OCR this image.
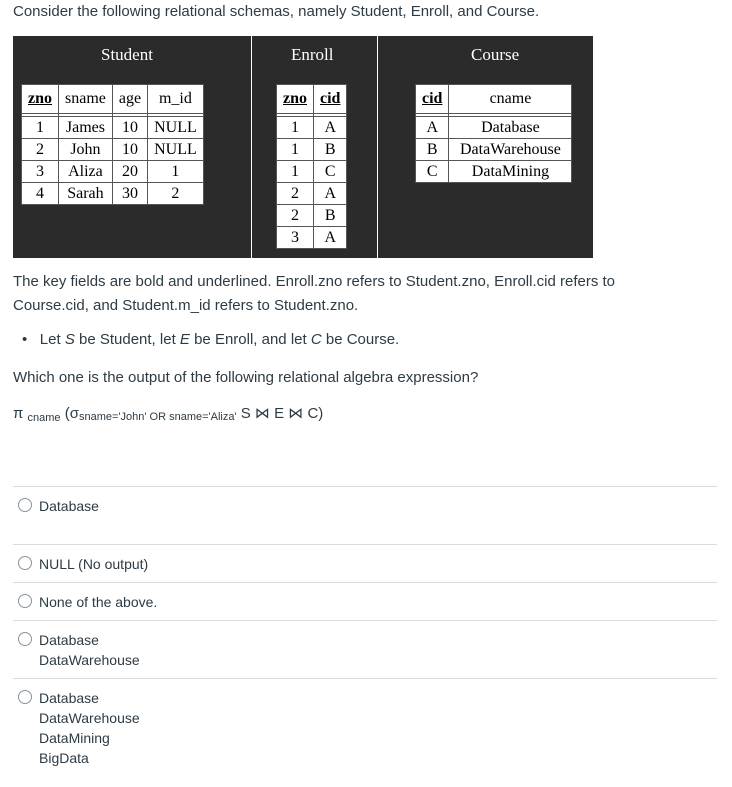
Consider the following relational schemas, namely Student, Enroll, and Course.
Student	Enroll	Course
zno	sname	age	m_id

1	James	10	NULL
2	John	10	NULL
3	Aliza	20	1
4	Sarah	30	2
zno	cid

1	A
1	B
1	C
2	A
2	B
3	A
cid	cname

A	Database
B	DataWarehouse
C	DataMining
The key fields are bold and underlined. Enroll.zno refers to Student.zno, Enroll.cid refers to
Course.cid, and Student.m_id refers to Student.zno.
• Let S be Student, let E be Enroll, and let C be Course.
Which one is the output of the following relational algebra expression?
π $_{cname}$ (σsname='John' OR sname='Aliza' S ⋈ E ⋈ C)
Database
NULL (No output)
None of the above.
Database
DataWarehouse
Database
DataWarehouse
DataMining
BigData
